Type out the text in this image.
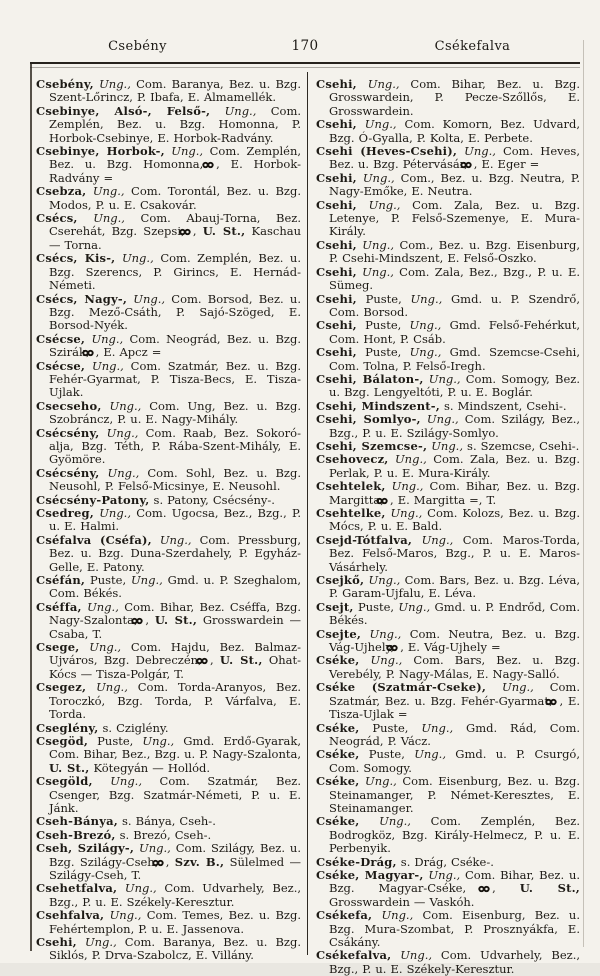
Csebény	170	Csékefalva

Csebény, Ung., Com. Baranya, Bez. u. Bzg. Szent-Lőrincz, P. Ibafa, E. Almamellék.

Csebinye, Alsó-, Felső-, Ung., Com. Zemplén, Bez. u. Bzg. Homonna, P. Horbok-Csebinye, E. Horbok-Radvány.

Csebinye, Horbok-, Ung., Com. Zemplén, Bez. u. Bzg. Homonna, , E. Horbok-Radvány =

Csebza, Ung., Com. Torontál, Bez. u. Bzg. Modos, P. u. E. Csakovár.

Csécs, Ung., Com. Abauj-Torna, Bez. Cserehát, Bzg. Szepsi, , U. St., Kaschau — Torna.

Csécs, Kis-, Ung., Com. Zemplén, Bez. u. Bzg. Szerencs, P. Girincs, E. Hernád-Németi.

Csécs, Nagy-, Ung., Com. Borsod, Bez. u. Bzg. Mező-Csáth, P. Sajó-Szöged, E. Borsod-Nyék.

Csécse, Ung., Com. Neográd, Bez. u. Bzg. Szirák, , E. Apcz =

Csécse, Ung., Com. Szatmár, Bez. u. Bzg. Fehér-Gyarmat, P. Tisza-Becs, E. Tisza-Ujlak.

Csecseho, Ung., Com. Ung, Bez. u. Bzg. Szobráncz, P. u. E. Nagy-Mihály.

Csécsény, Ung., Com. Raab, Bez. Sokoró-alja, Bzg. Téth, P. Rába-Szent-Mihály, E. Gyömöre.

Csécsény, Ung., Com. Sohl, Bez. u. Bzg. Neusohl, P. Felső-Micsinye, E. Neusohl.

Csécsény-Patony, s. Patony, Csécsény-.

Csedreg, Ung., Com. Ugocsa, Bez., Bzg., P. u. E. Halmi.

Cséfalva (Cséfa), Ung., Com. Pressburg, Bez. u. Bzg. Duna-Szerdahely, P. Egyház-Gelle, E. Patony.

Cséfán, Puste, Ung., Gmd. u. P. Szeghalom, Com. Békés.

Cséffa, Ung., Com. Bihar, Bez. Cséffa, Bzg. Nagy-Szalonta, , U. St., Grosswardein — Csaba, T.

Csege, Ung., Com. Hajdu, Bez. Balmaz-Ujváros, Bzg. Debreczén, , U. St., Ohat-Kócs — Tisza-Polgár, T.

Csegez, Ung., Com. Torda-Aranyos, Bez. Toroczkó, Bzg. Torda, P. Várfalva, E. Torda.

Cseglény, s. Cziglény.

Csegöd, Puste, Ung., Gmd. Erdő-Gyarak, Com. Bihar, Bez., Bzg. u. P. Nagy-Szalonta, U. St., Kötegyán — Hollód.

Csegöld, Ung., Com. Szatmár, Bez. Csenger, Bzg. Szatmár-Németi, P. u. E. Jánk.

Cseh-Bánya, s. Bánya, Cseh-.

Cseh-Brezó, s. Brezó, Cseh-.

Cseh, Szilágy-, Ung., Com. Szilágy, Bez. u. Bzg. Szilágy-Cseh, , Szv. B., Sülelmed — Szilágy-Cseh, T.

Csehetfalva, Ung., Com. Udvarhely, Bez., Bzg., P. u. E. Székely-Keresztur.

Csehfalva, Ung., Com. Temes, Bez. u. Bzg. Fehértemplon, P. u. E. Jassenova.

Csehi, Ung., Com. Baranya, Bez. u. Bzg. Siklós, P. Drva-Szabolcz, E. Villány.

Csehi, Ung., Com. Bihar, Bez. u. Bzg. Grosswardein, P. Pecze-Szőllős, E. Grosswardein.

Csehi, Ung., Com. Komorn, Bez. Udvard, Bzg. Ó-Gyalla, P. Kolta, E. Perbete.

Csehi (Heves-Csehi), Ung., Com. Heves, Bez. u. Bzg. Pétervásár, , E. Eger =

Csehi, Ung., Com., Bez. u. Bzg. Neutra, P. Nagy-Emőke, E. Neutra.

Csehi, Ung., Com. Zala, Bez. u. Bzg. Letenye, P. Felső-Szemenye, E. Mura-Király.

Csehi, Ung., Com., Bez. u. Bzg. Eisenburg, P. Csehi-Mindszent, E. Felső-Oszko.

Csehi, Ung., Com. Zala, Bez., Bzg., P. u. E. Sümeg.

Csehi, Puste, Ung., Gmd. u. P. Szendrő, Com. Borsod.

Csehi, Puste, Ung., Gmd. Felső-Fehérkut, Com. Hont, P. Csáb.

Csehi, Puste, Ung., Gmd. Szemcse-Csehi, Com. Tolna, P. Felső-Iregh.

Csehi, Bálaton-, Ung., Com. Somogy, Bez. u. Bzg. Lengyeltóti, P. u. E. Boglár.

Csehi, Mindszent-, s. Mindszent, Csehi-.

Csehi, Somlyo-, Ung., Com. Szilágy, Bez., Bzg., P. u. E. Szilágy-Somlyo.

Csehi, Szemcse-, Ung., s. Szemcse, Csehi-.

Csehovecz, Ung., Com. Zala, Bez. u. Bzg. Perlak, P. u. E. Mura-Király.

Csehtelek, Ung., Com. Bihar, Bez. u. Bzg. Margitta, , E. Margitta =, T.

Csehtelke, Ung., Com. Kolozs, Bez. u. Bzg. Mócs, P. u. E. Bald.

Csejd-Tótfalva, Ung., Com. Maros-Torda, Bez. Felső-Maros, Bzg., P. u. E. Maros-Vásárhely.

Csejkő, Ung., Com. Bars, Bez. u. Bzg. Léva, P. Garam-Ujfalu, E. Léva.

Csejt, Puste, Ung., Gmd. u. P. Endrőd, Com. Békés.

Csejte, Ung., Com. Neutra, Bez. u. Bzg. Vág-Ujhely, , E. Vág-Ujhely =

Cséke, Ung., Com. Bars, Bez. u. Bzg. Verebély, P. Nagy-Málas, E. Nagy-Salló.

Cséke (Szatmár-Cseke), Ung., Com. Szatmár, Bez. u. Bzg. Fehér-Gyarmat, , E. Tisza-Ujlak =

Cséke, Puste, Ung., Gmd. Rád, Com. Neográd, P. Vácz.

Cséke, Puste, Ung., Gmd. u. P. Csurgó, Com. Somogy.

Cséke, Ung., Com. Eisenburg, Bez. u. Bzg. Steinamanger, P. Német-Keresztes, E. Steinamanger.

Cséke, Ung., Com. Zemplén, Bez. Bodrogköz, Bzg. Király-Helmecz, P. u. E. Perbenyik.

Cséke-Drág, s. Drág, Cséke-.

Cséke, Magyar-, Ung., Com. Bihar, Bez. u. Bzg. Magyar-Cséke, , U. St., Grosswardein — Vaskóh.

Csékefa, Ung., Com. Eisenburg, Bez. u. Bzg. Mura-Szombat, P. Prosznyákfa, E. Csákány.

Csékefalva, Ung., Com. Udvarhely, Bez., Bzg., P. u. E. Székely-Keresztur.
